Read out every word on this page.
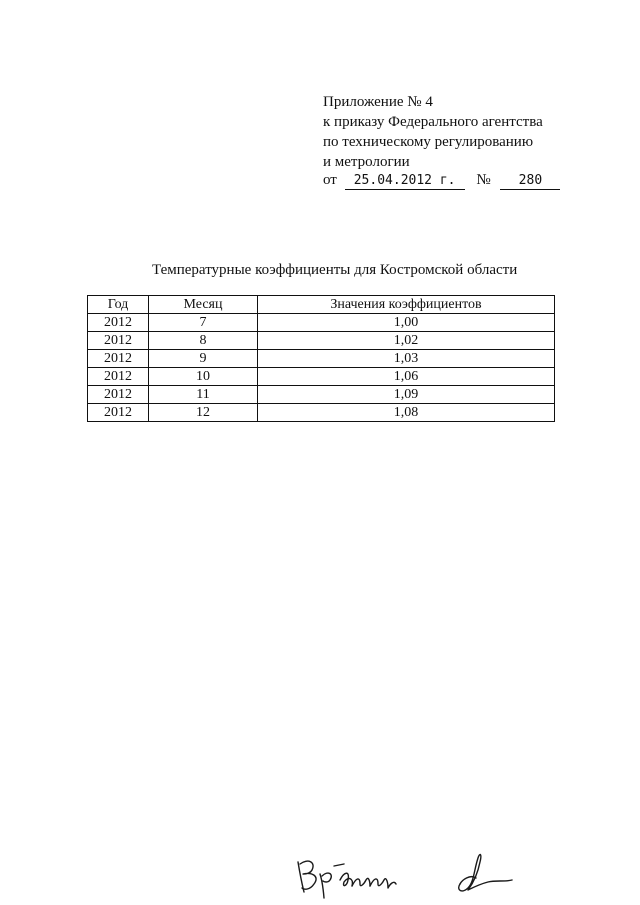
Приложение № 4
к приказу Федерального агентства
по техническому регулированию
и метрологии
от 25.04.2012 г. № 280
Температурные коэффициенты для Костромской области
Год	Месяц	Значения коэффициентов
2012	7	1,00
2012	8	1,02
2012	9	1,03
2012	10	1,06
2012	11	1,09
2012	12	1,08
